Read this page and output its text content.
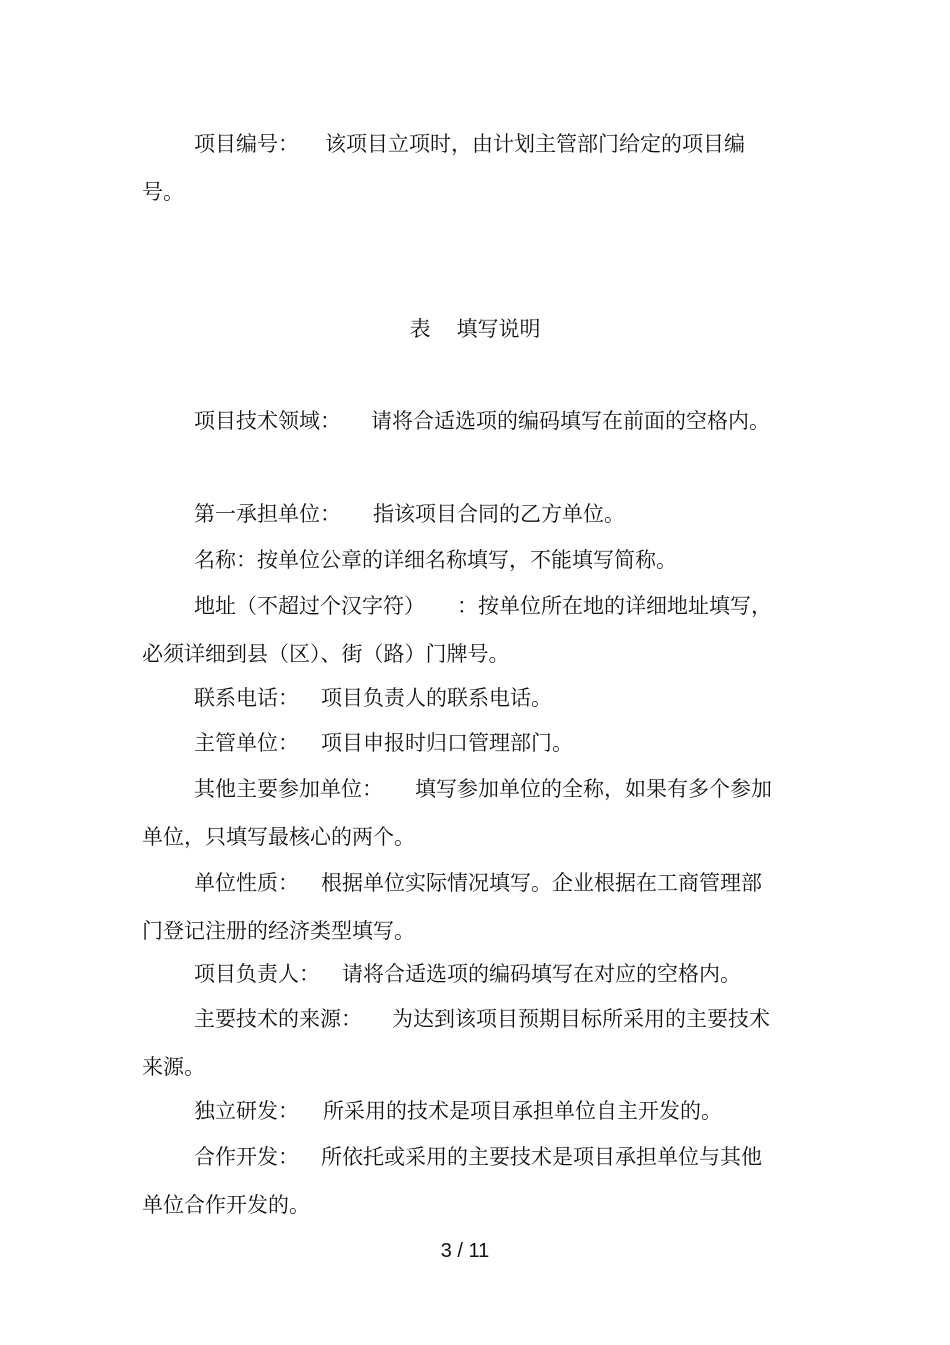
项目编号： 该项目立项时，由计划主管部门给定的项目编号。

表 填写说明

项目技术领域： 请将合适选项的编码填写在前面的空格内。

第一承担单位： 指该项目合同的乙方单位。

名称：按单位公章的详细名称填写，不能填写简称。

地址（不超过个汉字符） ：按单位所在地的详细地址填写，必须详细到县（区）、街（路）门牌号。

联系电话： 项目负责人的联系电话。

主管单位： 项目申报时归口管理部门。

其他主要参加单位： 填写参加单位的全称，如果有多个参加单位，只填写最核心的两个。

单位性质： 根据单位实际情况填写。企业根据在工商管理部门登记注册的经济类型填写。

项目负责人： 请将合适选项的编码填写在对应的空格内。

主要技术的来源： 为达到该项目预期目标所采用的主要技术来源。

独立研发： 所采用的技术是项目承担单位自主开发的。

合作开发： 所依托或采用的主要技术是项目承担单位与其他单位合作开发的。

3 / 11
